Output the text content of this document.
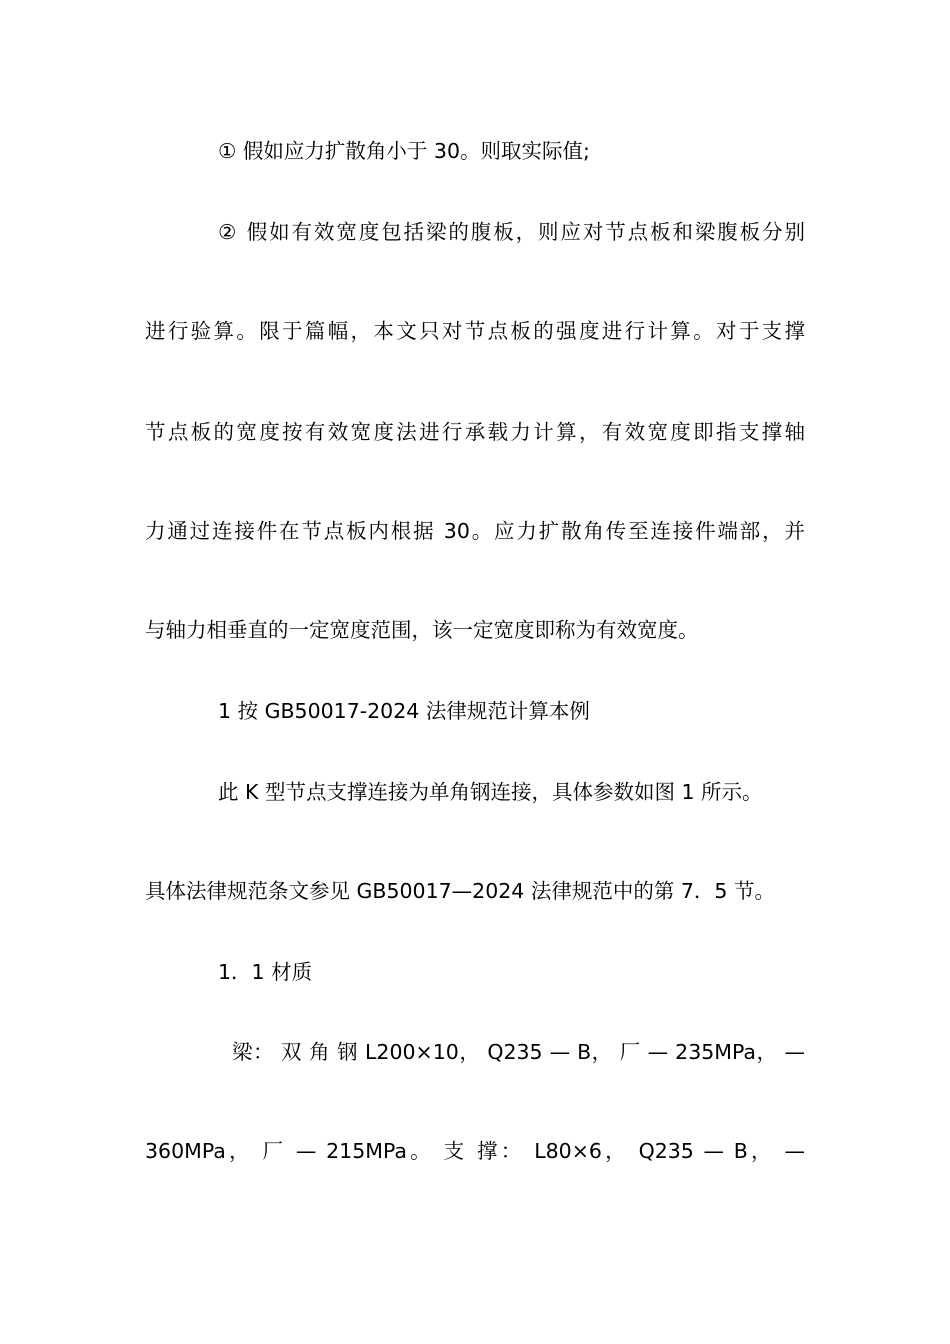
① 假如应力扩散角小于 30。则取实际值;
② 假如有效宽度包括梁的腹板，则应对节点板和梁腹板分别
进行验算。限于篇幅，本文只对节点板的强度进行计算。对于支撑
节点板的宽度按有效宽度法进行承载力计算，有效宽度即指支撑轴
力通过连接件在节点板内根据 30。应力扩散角传至连接件端部，并
与轴力相垂直的一定宽度范围，该一定宽度即称为有效宽度。
1 按 GB50017-2024 法律规范计算本例
此 K 型节点支撑连接为单角钢连接，具体参数如图 1 所示。
具体法律规范条文参见 GB50017—2024 法律规范中的第 7．5 节。
1．1 材质
梁： 双 角 钢 L200×10， Q235 — B， 厂 — 235MPa， —
360MPa， 厂 — 215MPa。 支 撑： L80×6， Q235 — B， —
